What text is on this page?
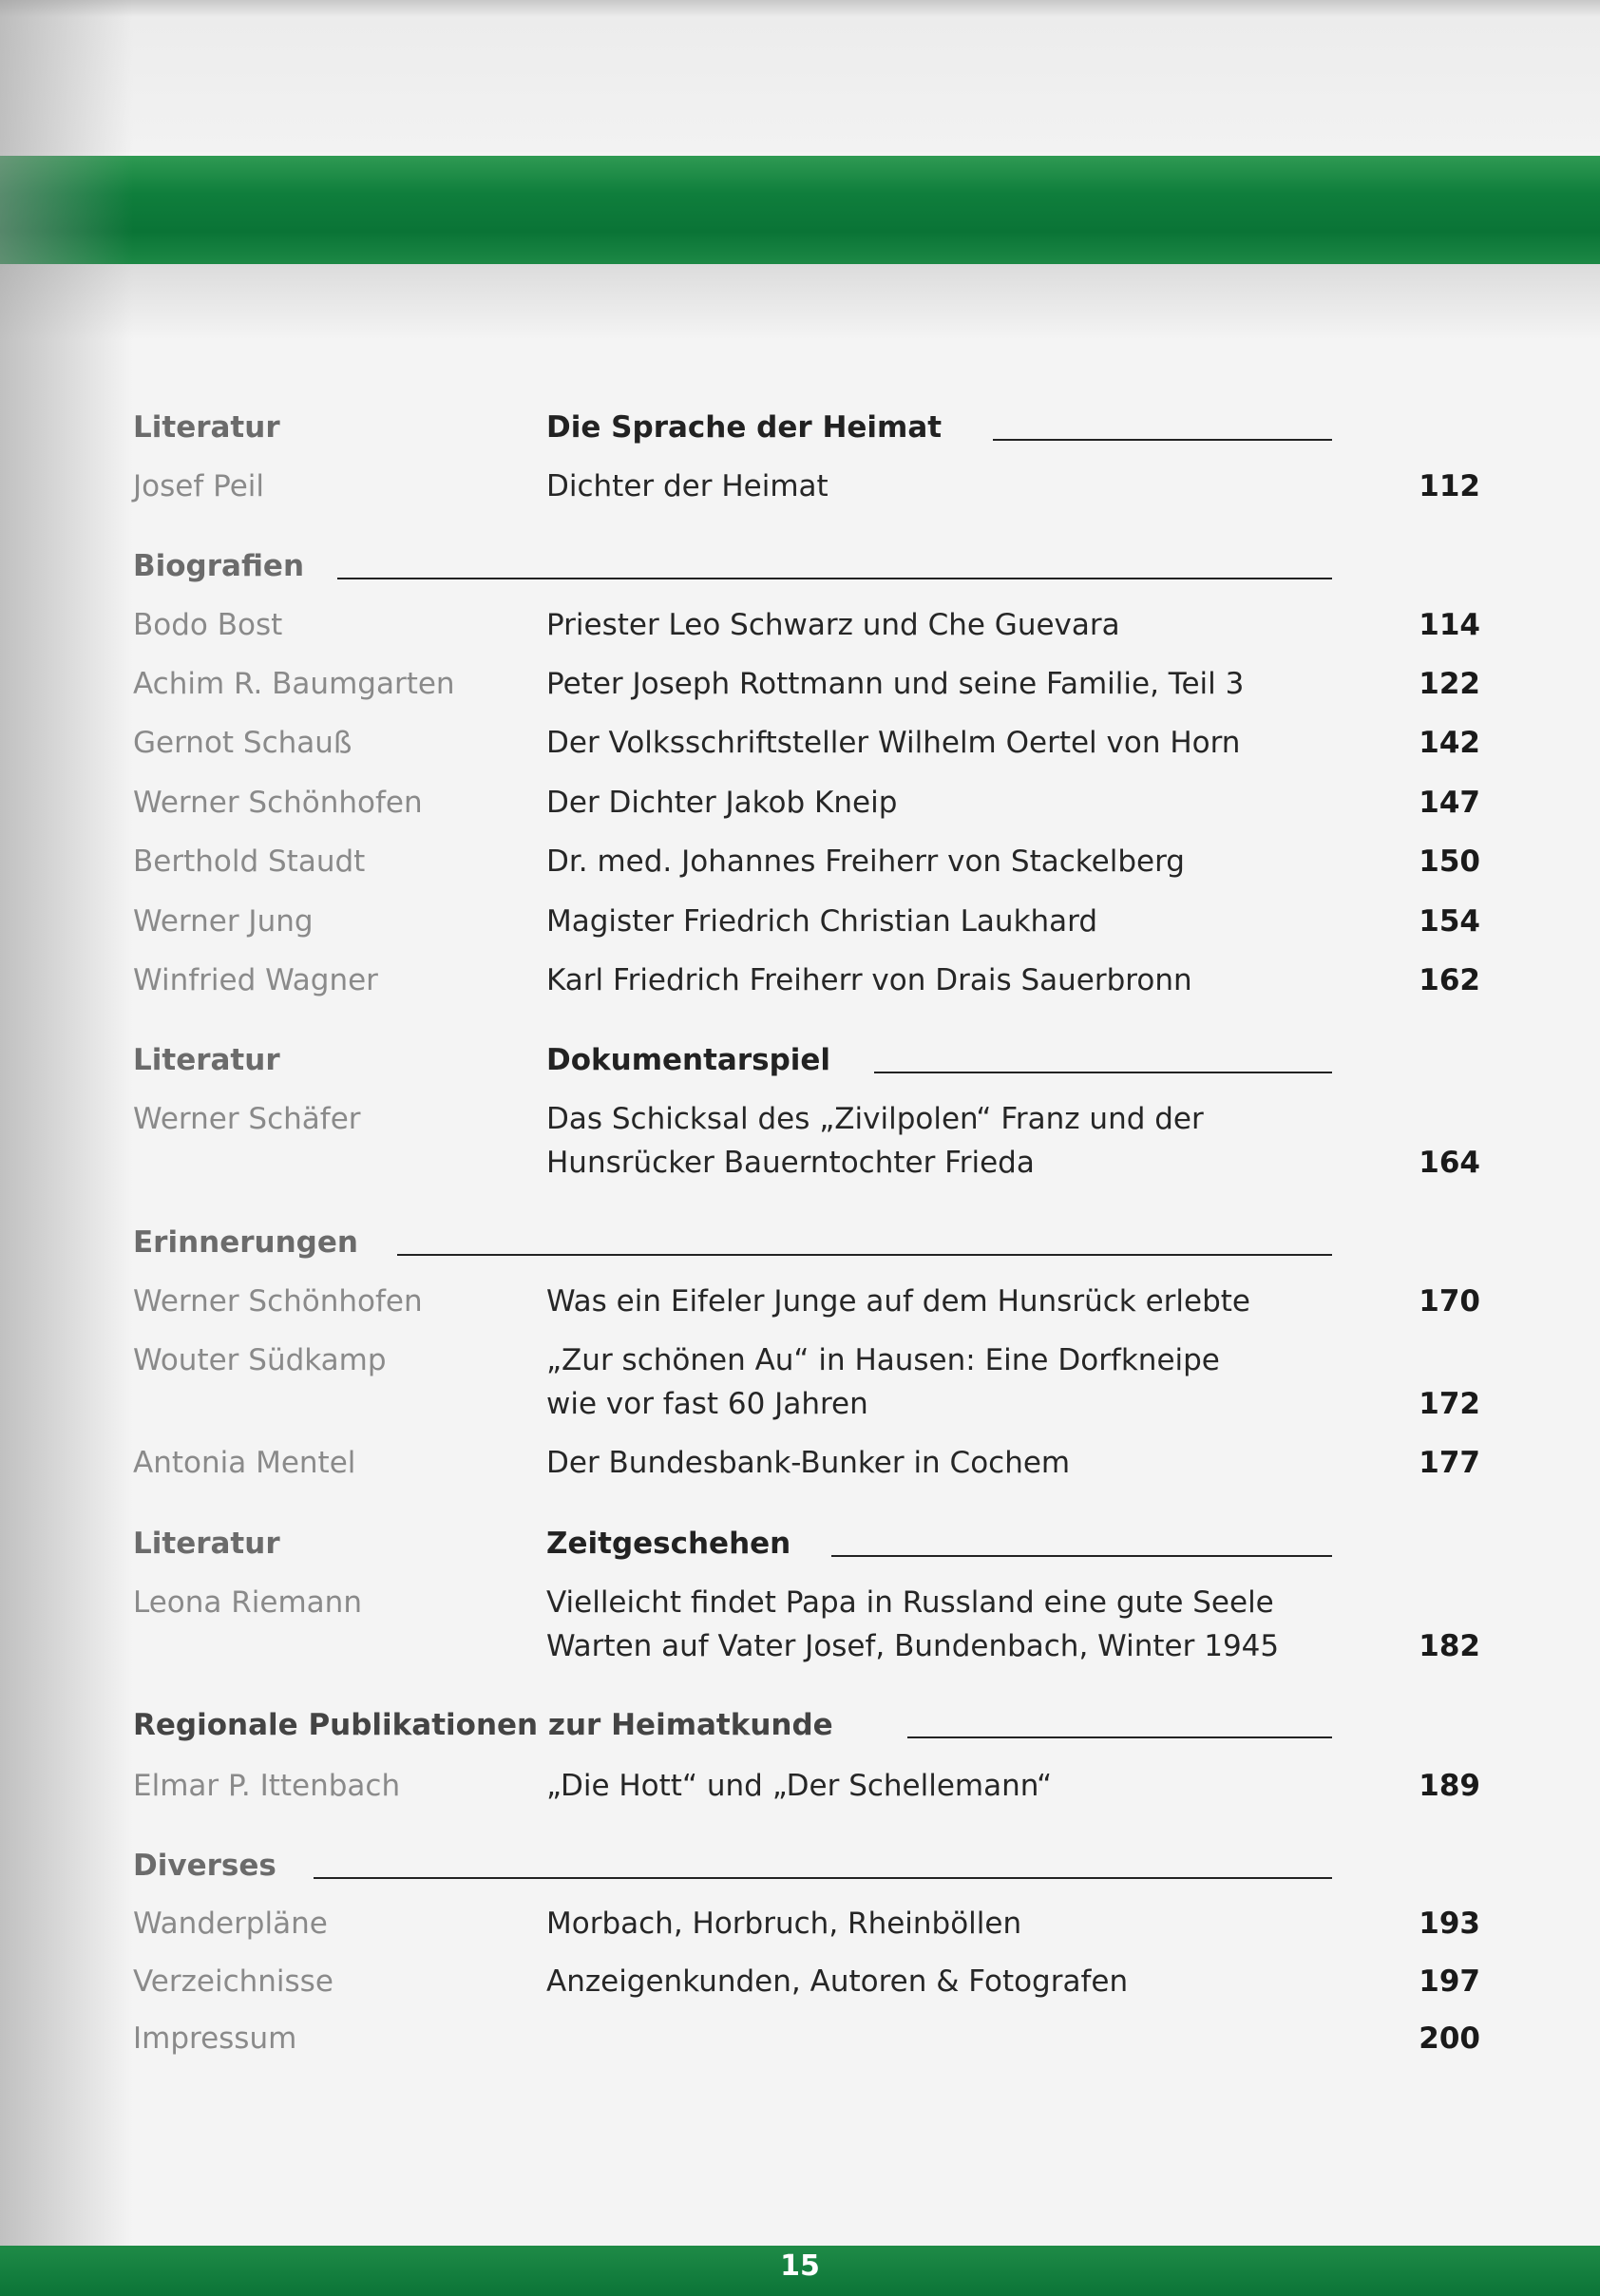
Literatur	Die Sprache der Heimat
Josef Peil	Dichter der Heimat	112
Biografien
Bodo Bost	Priester Leo Schwarz und Che Guevara	114
Achim R. Baumgarten	Peter Joseph Rottmann und seine Familie, Teil 3	122
Gernot Schauß	Der Volksschriftsteller Wilhelm Oertel von Horn	142
Werner Schönhofen	Der Dichter Jakob Kneip	147
Berthold Staudt	Dr. med. Johannes Freiherr von Stackelberg	150
Werner Jung	Magister Friedrich Christian Laukhard	154
Winfried Wagner	Karl Friedrich Freiherr von Drais Sauerbronn	162
Literatur	Dokumentarspiel
Werner Schäfer	Das Schicksal des „Zivilpolen“ Franz und der
Hunsrücker Bauerntochter Frieda	164
Erinnerungen
Werner Schönhofen	Was ein Eifeler Junge auf dem Hunsrück erlebte	170
Wouter Südkamp	„Zur schönen Au“ in Hausen: Eine Dorfkneipe
wie vor fast 60 Jahren	172
Antonia Mentel	Der Bundesbank-Bunker in Cochem	177
Literatur	Zeitgeschehen
Leona Riemann	Vielleicht findet Papa in Russland eine gute Seele
Warten auf Vater Josef, Bundenbach, Winter 1945	182
Regionale Publikationen zur Heimatkunde
Elmar P. Ittenbach	„Die Hott“ und „Der Schellemann“	189
Diverses
Wanderpläne	Morbach, Horbruch, Rheinböllen	193
Verzeichnisse	Anzeigenkunden, Autoren & Fotografen	197
Impressum	200
15
